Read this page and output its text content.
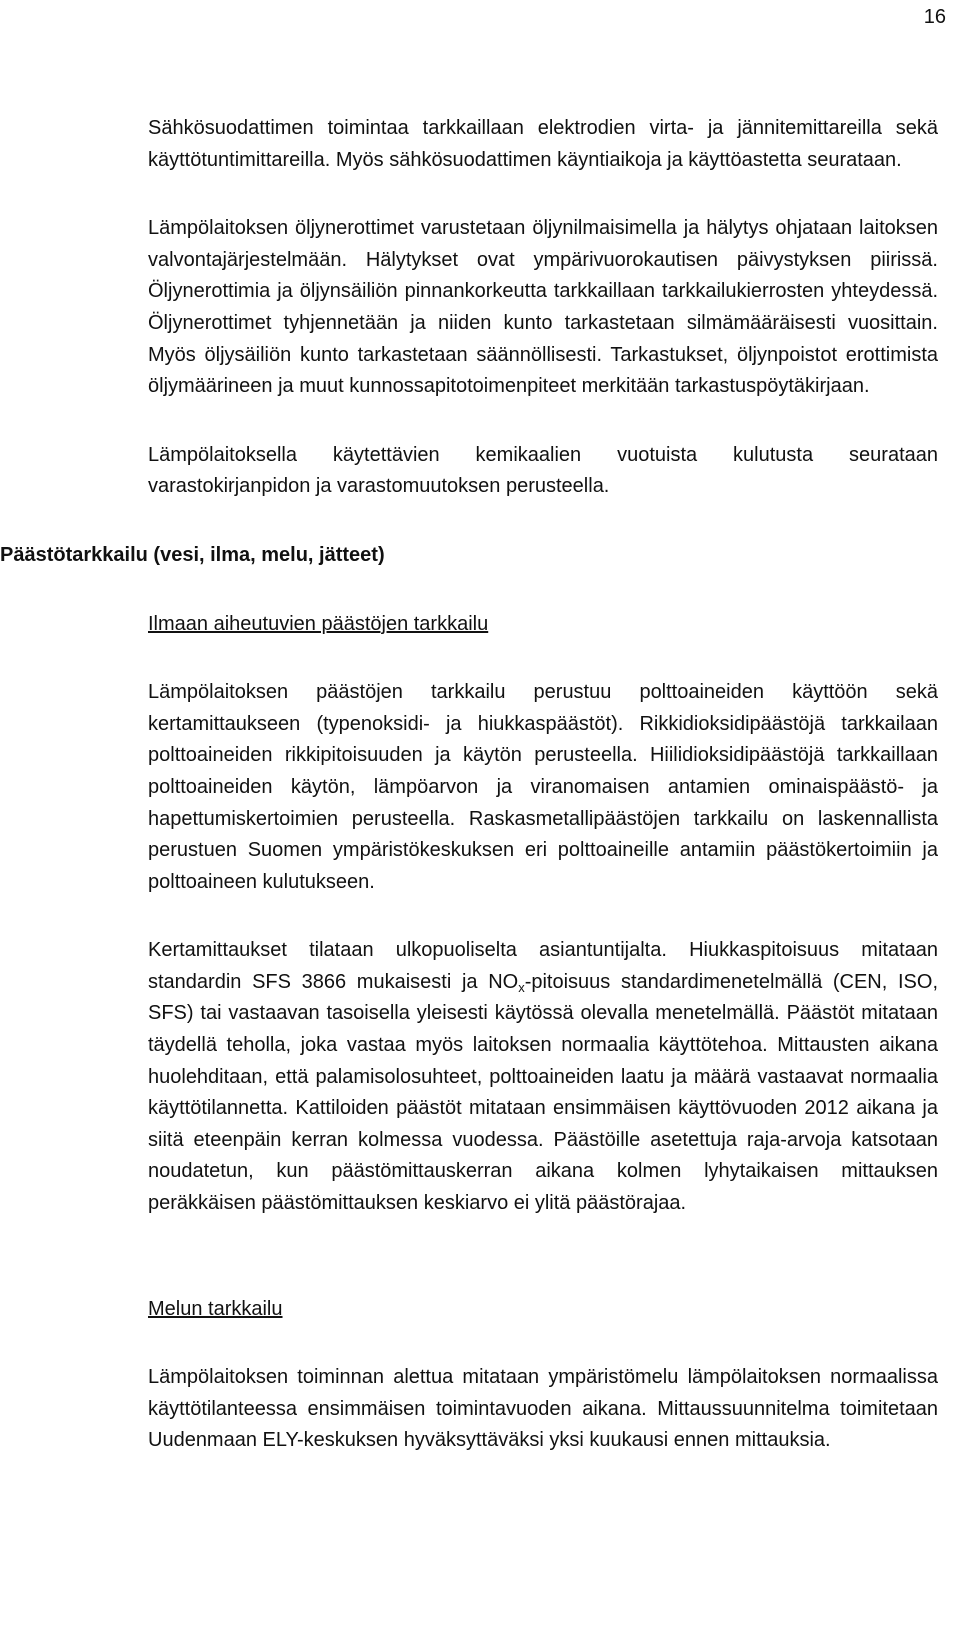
16

Sähkösuodattimen toimintaa tarkkaillaan elektrodien virta- ja jännitemittareilla sekä käyttötuntimittareilla. Myös sähkösuodattimen käyntiaikoja ja käyttöastetta seurataan.

Lämpölaitoksen öljynerottimet varustetaan öljynilmaisimella ja hälytys ohjataan laitoksen valvontajärjestelmään. Hälytykset ovat ympärivuorokautisen päivystyksen piirissä. Öljynerottimia ja öljynsäiliön pinnankorkeutta tarkkaillaan tarkkailukierrosten yhteydessä. Öljynerottimet tyhjennetään ja niiden kunto tarkastetaan silmämääräisesti vuosittain. Myös öljysäiliön kunto tarkastetaan säännöllisesti. Tarkastukset, öljynpoistot erottimista öljymäärineen ja muut kunnossapitotoimenpiteet merkitään tarkastuspöytäkirjaan.

Lämpölaitoksella käytettävien kemikaalien vuotuista kulutusta seurataan varastokirjanpidon ja varastomuutoksen perusteella.

Päästötarkkailu (vesi, ilma, melu, jätteet)
Ilmaan aiheutuvien päästöjen tarkkailu

Lämpölaitoksen päästöjen tarkkailu perustuu polttoaineiden käyttöön sekä kertamittaukseen (typenoksidi- ja hiukkaspäästöt). Rikkidioksidipäästöjä tarkkailaan polttoaineiden rikkipitoisuuden ja käytön perusteella. Hiilidioksidipäästöjä tarkkaillaan polttoaineiden käytön, lämpöarvon ja viranomaisen antamien ominaispäästö- ja hapettumiskertoimien perusteella. Raskasmetallipäästöjen tarkkailu on laskennallista perustuen Suomen ympäristökeskuksen eri polttoaineille antamiin päästökertoimiin ja polttoaineen kulutukseen.

Kertamittaukset tilataan ulkopuoliselta asiantuntijalta. Hiukkaspitoisuus mitataan standardin SFS 3866 mukaisesti ja $NO_x$-pitoisuus standardimenetelmällä (CEN, ISO, SFS) tai vastaavan tasoisella yleisesti käytössä olevalla menetelmällä. Päästöt mitataan täydellä teholla, joka vastaa myös laitoksen normaalia käyttötehoa. Mittausten aikana huolehditaan, että palamisolosuhteet, polttoaineiden laatu ja määrä vastaavat normaalia käyttötilannetta. Kattiloiden päästöt mitataan ensimmäisen käyttövuoden 2012 aikana ja siitä eteenpäin kerran kolmessa vuodessa. Päästöille asetettuja raja-arvoja katsotaan noudatetun, kun päästömittauskerran aikana kolmen lyhytaikaisen mittauksen peräkkäisen päästömittauksen keskiarvo ei ylitä päästörajaa.

Melun tarkkailu

Lämpölaitoksen toiminnan alettua mitataan ympäristömelu lämpölaitoksen normaalissa käyttötilanteessa ensimmäisen toimintavuoden aikana. Mittaussuunnitelma toimitetaan Uudenmaan ELY-keskuksen hyväksyttäväksi yksi kuukausi ennen mittauksia.
